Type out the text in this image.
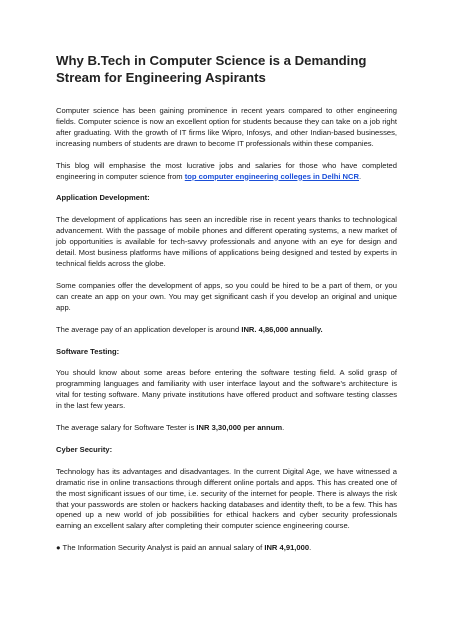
Why B.Tech in Computer Science is a Demanding Stream for Engineering Aspirants

Computer science has been gaining prominence in recent years compared to other engineering fields. Computer science is now an excellent option for students because they can take on a job right after graduating. With the growth of IT firms like Wipro, Infosys, and other Indian-based businesses, increasing numbers of students are drawn to become IT professionals within these companies.

This blog will emphasise the most lucrative jobs and salaries for those who have completed engineering in computer science from top computer engineering colleges in Delhi NCR.

Application Development:

The development of applications has seen an incredible rise in recent years thanks to technological advancement. With the passage of mobile phones and different operating systems, a new market of job opportunities is available for tech-savvy professionals and anyone with an eye for design and detail. Most business platforms have millions of applications being designed and tested by experts in technical fields across the globe.

Some companies offer the development of apps, so you could be hired to be a part of them, or you can create an app on your own. You may get significant cash if you develop an original and unique app.

The average pay of an application developer is around INR. 4,86,000 annually.

Software Testing:

You should know about some areas before entering the software testing field. A solid grasp of programming languages and familiarity with user interface layout and the software's architecture is vital for testing software. Many private institutions have offered product and software testing classes in the last few years.

The average salary for Software Tester is INR 3,30,000 per annum.

Cyber Security:

Technology has its advantages and disadvantages. In the current Digital Age, we have witnessed a dramatic rise in online transactions through different online portals and apps. This has created one of the most significant issues of our time, i.e. security of the internet for people. There is always the risk that your passwords are stolen or hackers hacking databases and identity theft, to be a few. This has opened up a new world of job possibilities for ethical hackers and cyber security professionals earning an excellent salary after completing their computer science engineering course.

● The Information Security Analyst is paid an annual salary of INR 4,91,000.
